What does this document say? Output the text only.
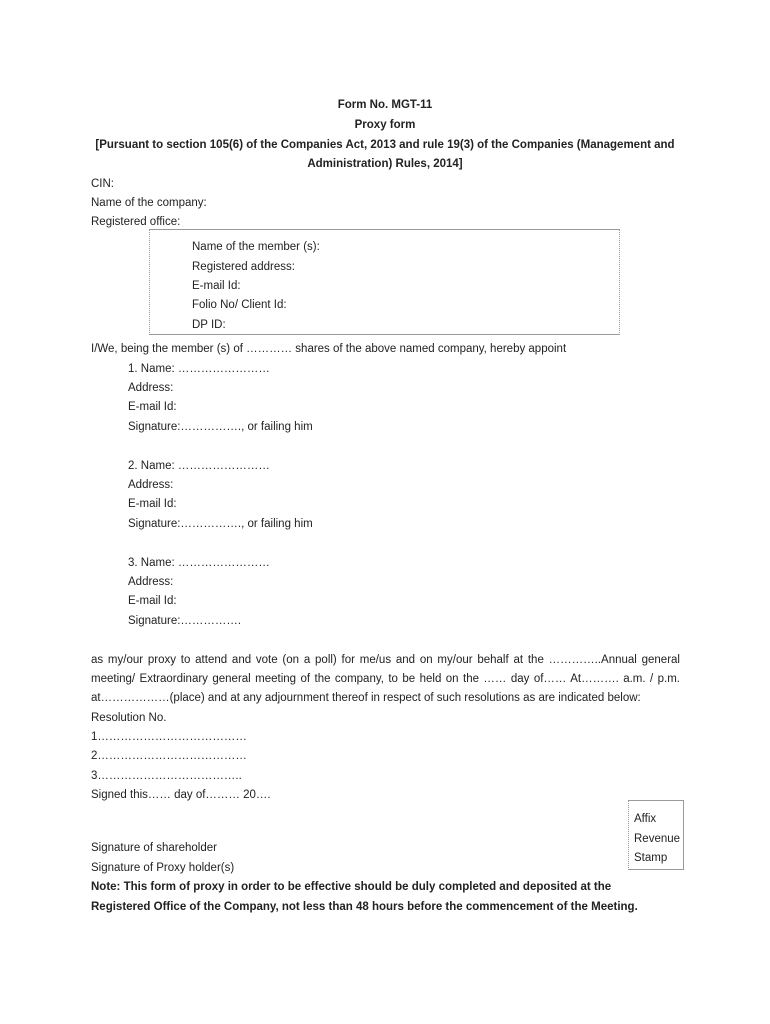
Form No. MGT-11
Proxy form
[Pursuant to section 105(6) of the Companies Act, 2013 and rule 19(3) of the Companies (Management and
Administration) Rules, 2014]
CIN:
Name of the company:
Registered office:
Name of the member (s):
Registered address:
E-mail Id:
Folio No/ Client Id:
DP ID:
I/We, being the member (s) of ………… shares of the above named company, hereby appoint
1. Name: ……………………
Address:
E-mail Id:
Signature:……………., or failing him
2. Name: ……………………
Address:
E-mail Id:
Signature:……………., or failing him
3. Name: ……………………
Address:
E-mail Id:
Signature:…………….
as my/our proxy to attend and vote (on a poll) for me/us and on my/our behalf at the …………..Annual general
meeting/ Extraordinary general meeting of the company, to be held on the …… day of…… At………. a.m. / p.m.
at………………(place) and at any adjournment thereof in respect of such resolutions as are indicated below:
Resolution No.
1…………………………………
2…………………………………
3………………………………..
Signed this…… day of……… 20….
Affix
Revenue
Stamp
Signature of shareholder
Signature of Proxy holder(s)
Note: This form of proxy in order to be effective should be duly completed and deposited at the
Registered Office of the Company, not less than 48 hours before the commencement of the Meeting.
